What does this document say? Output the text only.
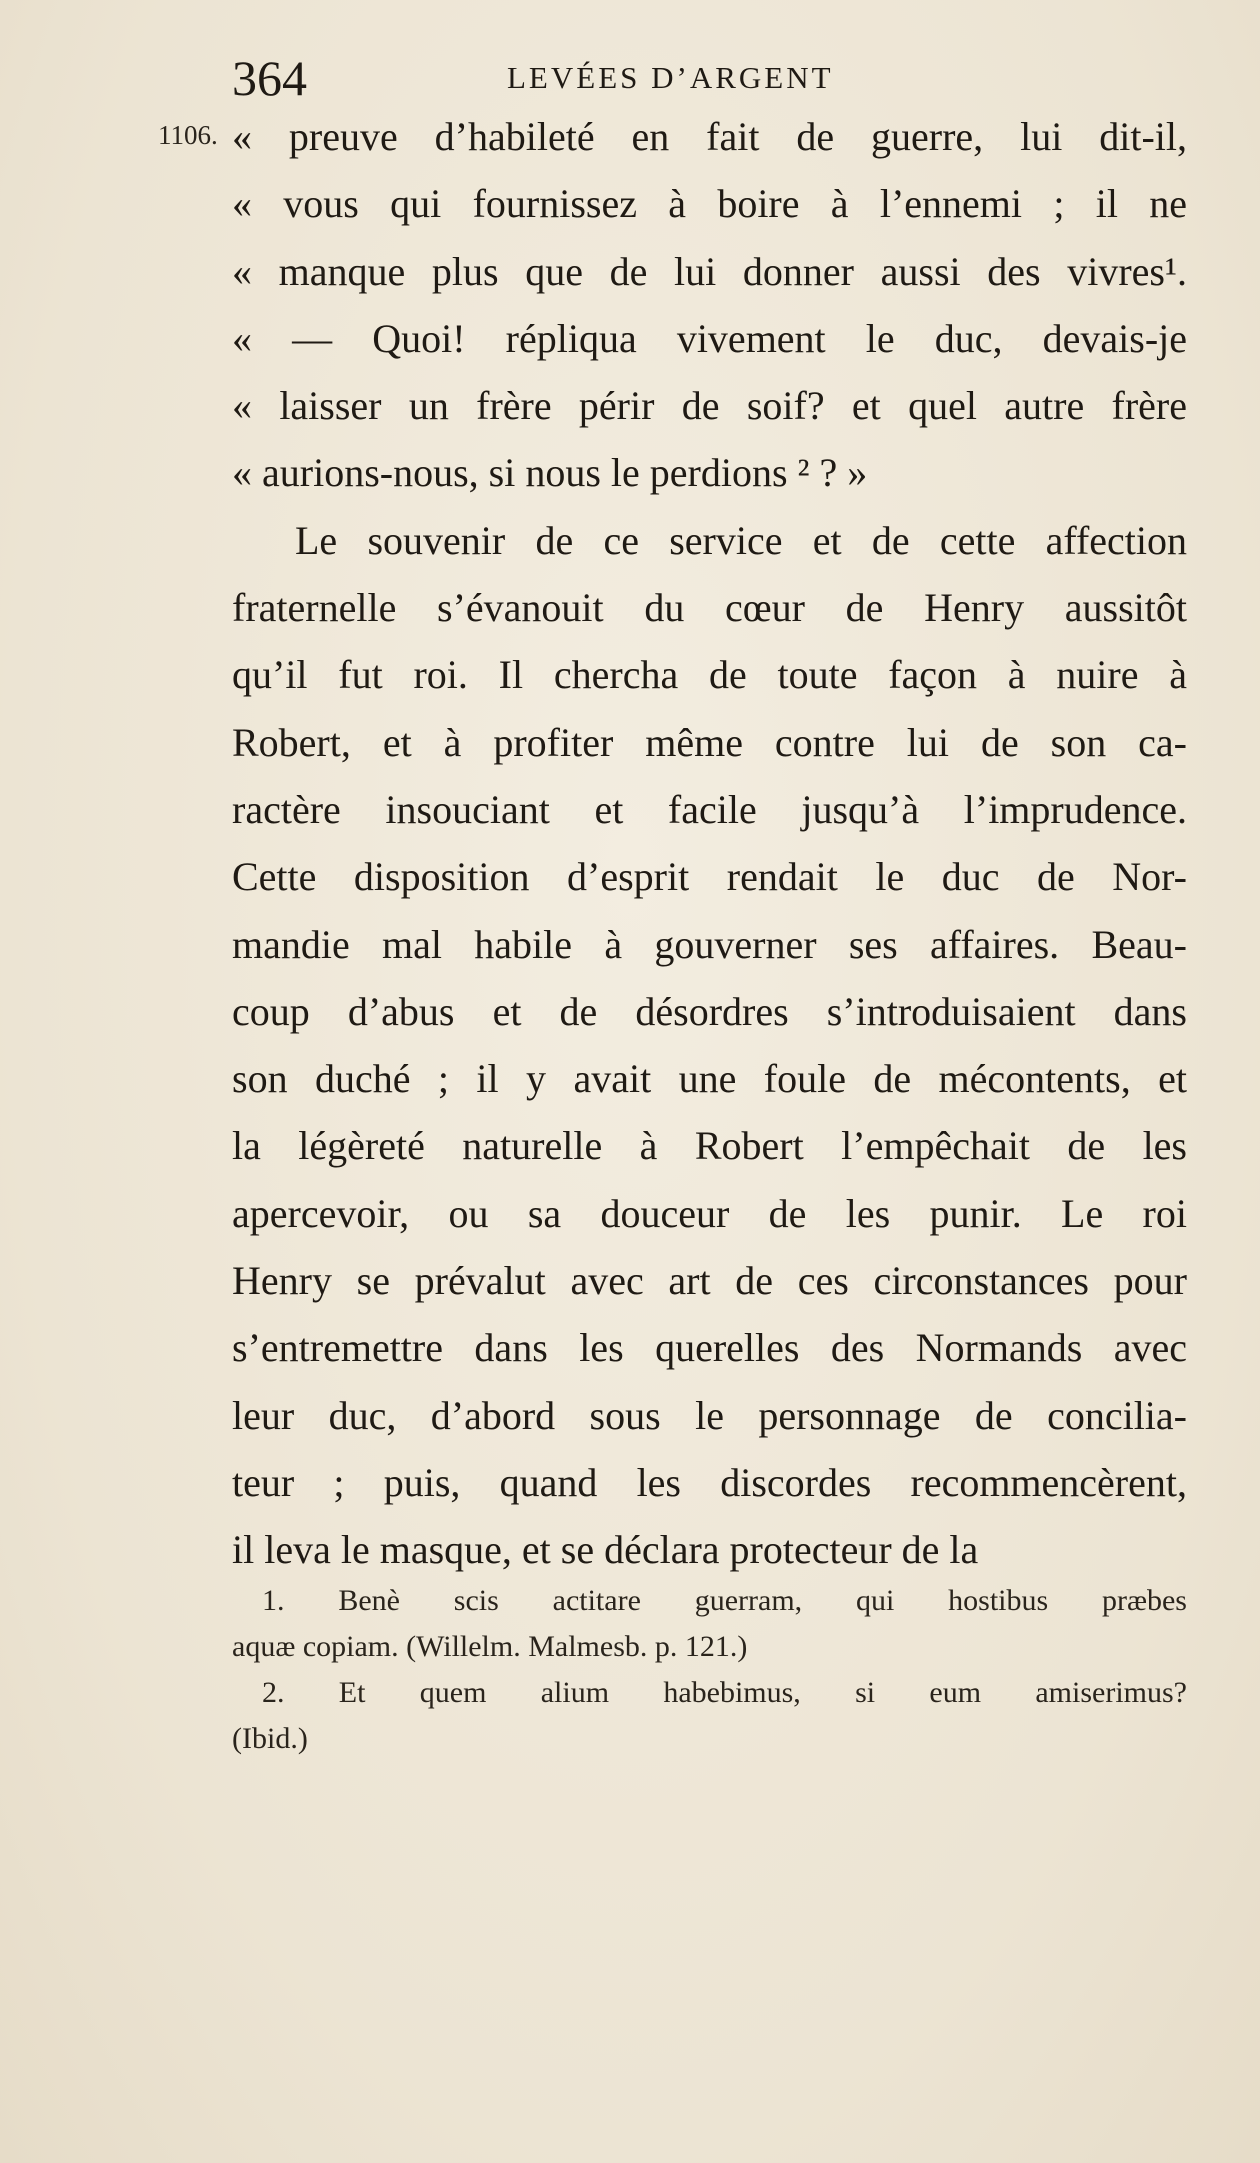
364	LEVÉES D’ARGENT
1106. « preuve d’habileté en fait de guerre, lui dit-il,
« vous qui fournissez à boire à l’ennemi ; il ne
« manque plus que de lui donner aussi des vivres¹.
« — Quoi! répliqua vivement le duc, devais-je
« laisser un frère périr de soif? et quel autre frère
« aurions-nous, si nous le perdions ² ? »
Le souvenir de ce service et de cette affection
fraternelle s’évanouit du cœur de Henry aussitôt
qu’il fut roi. Il chercha de toute façon à nuire à
Robert, et à profiter même contre lui de son ca-
ractère insouciant et facile jusqu’à l’imprudence.
Cette disposition d’esprit rendait le duc de Nor-
mandie mal habile à gouverner ses affaires. Beau-
coup d’abus et de désordres s’introduisaient dans
son duché ; il y avait une foule de mécontents, et
la légèreté naturelle à Robert l’empêchait de les
apercevoir, ou sa douceur de les punir. Le roi
Henry se prévalut avec art de ces circonstances pour
s’entremettre dans les querelles des Normands avec
leur duc, d’abord sous le personnage de concilia-
teur ; puis, quand les discordes recommencèrent,
il leva le masque, et se déclara protecteur de la
1. Benè scis actitare guerram, qui hostibus præbes
aquæ copiam. (Willelm. Malmesb. p. 121.)
2. Et quem alium habebimus, si eum amiserimus?
(Ibid.)
